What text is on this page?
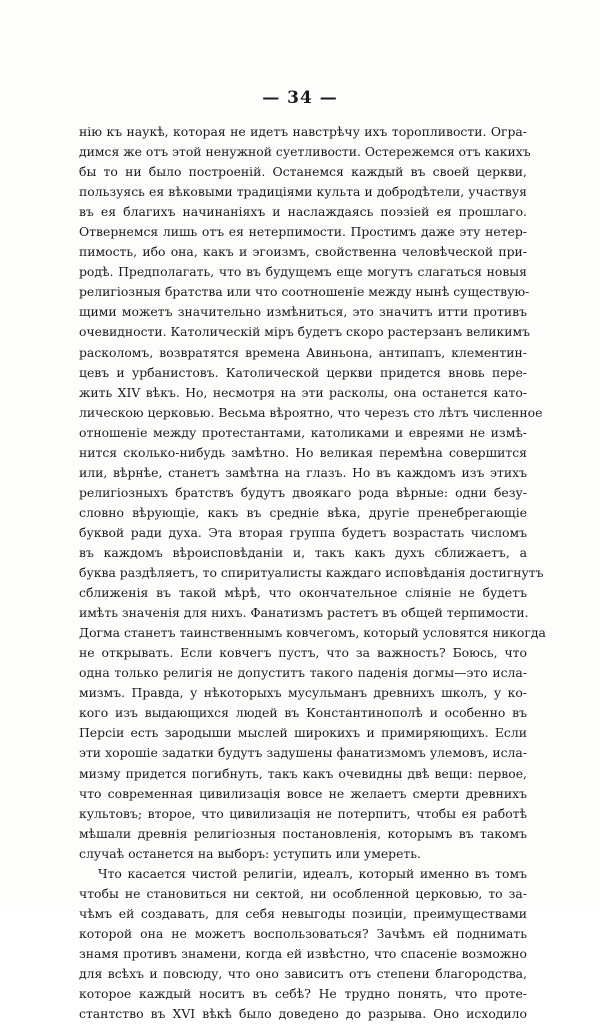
— 34 —
нію къ наукѣ, которая не идетъ навстрѣчу ихъ торопливости. Огра-
димся же отъ этой ненужной суетливости. Остережемся отъ какихъ
бы то ни было построеній. Останемся каждый въ своей церкви,
пользуясь ея вѣковыми традиціями культа и добродѣтели, участвуя
въ ея благихъ начинаніяхъ и наслаждаясь поэзіей ея прошлаго.
Отвернемся лишь отъ ея нетерпимости. Простимъ даже эту нетер-
пимость, ибо она, какъ и эгоизмъ, свойственна человѣческой при-
родѣ. Предполагать, что въ будущемъ еще могутъ слагаться новыя
религіозныя братства или что соотношеніе между нынѣ существую-
щими можетъ значительно измѣниться, это значитъ итти противъ
очевидности. Католическій міръ будетъ скоро растерзанъ великимъ
расколомъ, возвратятся времена Авиньона, антипапъ, клементин-
цевъ и урбанистовъ. Католической церкви придется вновь пере-
жить XIV вѣкъ. Но, несмотря на эти расколы, она останется като-
лическою церковью. Весьма вѣроятно, что черезъ сто лѣтъ численное
отношеніе между протестантами, католиками и евреями не измѣ-
нится сколько-нибудь замѣтно. Но великая перемѣна совершится
или, вѣрнѣе, станетъ замѣтна на глазъ. Но въ каждомъ изъ этихъ
религіозныхъ братствъ будутъ двоякаго рода вѣрные: одни безу-
словно вѣрующіе, какъ въ средніе вѣка, другіе пренебрегающіе
буквой ради духа. Эта вторая группа будетъ возрастать числомъ
въ каждомъ вѣроисповѣданіи и, такъ какъ духъ сближаетъ, а
буква раздѣляетъ, то спиритуалисты каждаго исповѣданія достигнутъ
сближенія въ такой мѣрѣ, что окончательное сліяніе не будетъ
имѣть значенія для нихъ. Фанатизмъ растетъ въ общей терпимости.
Догма станетъ таинственнымъ ковчегомъ, который условятся никогда
не открывать. Если ковчегъ пустъ, что за важность? Боюсь, что
одна только религія не допуститъ такого паденія догмы—это исла-
мизмъ. Правда, у нѣкоторыхъ мусульманъ древнихъ школъ, у ко-
кого изъ выдающихся людей въ Константинополѣ и особенно въ
Персіи есть зародыши мыслей широкихъ и примиряющихъ. Если
эти хорошіе задатки будутъ задушены фанатизмомъ улемовъ, ислa-
мизму придется погибнуть, такъ какъ очевидны двѣ вещи: первое,
что современная цивилизація вовсе не желаетъ смерти древнихъ
культовъ; второе, что цивилизація не потерпитъ, чтобы ея работѣ
мѣшали древнія религіозныя постановленія, которымъ въ такомъ
случаѣ останется на выборъ: уступить или умереть.
Что касается чистой религіи, идеалъ, который именно въ томъ
чтобы не становиться ни сектой, ни особленной церковью, то за-
чѣмъ ей создавать, для себя невыгоды позиціи, преимуществами
которой она не можетъ воспользоваться? Зачѣмъ ей поднимать
знамя противъ знамени, когда ей извѣстно, что спасеніе возможно
для всѣхъ и повсюду, что оно зависитъ отъ степени благородства,
которое каждый носитъ въ себѣ? Не трудно понять, что проте-
стантство въ XVI вѣкѣ было доведено до разрыва. Оно исходило
